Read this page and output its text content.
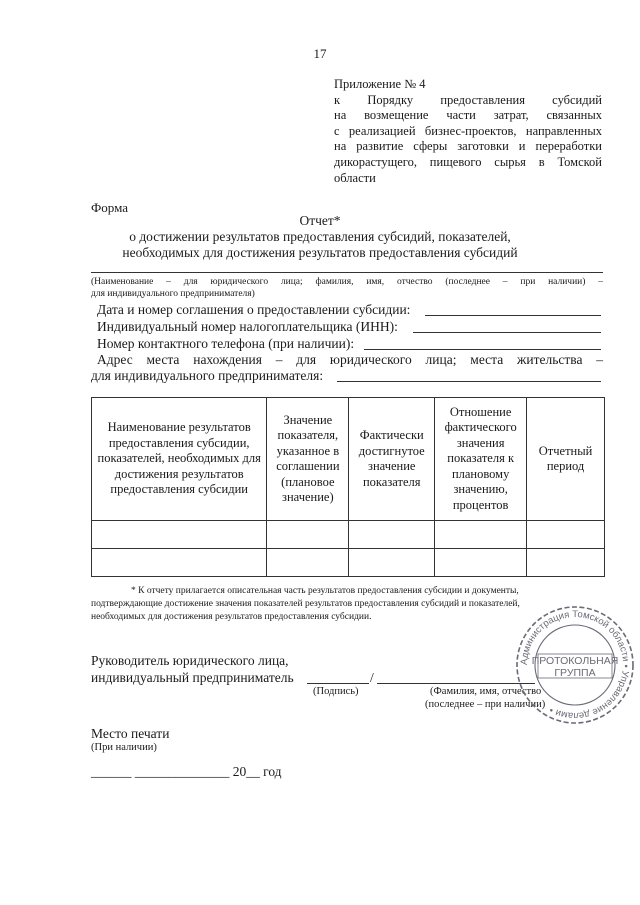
17
Приложение № 4
к Порядку предоставления субсидий
на возмещение части затрат, связанных
с реализацией бизнес-проектов, направленных
на развитие сферы заготовки и переработки
дикорастущего, пищевого сырья в Томской
области
Форма
Отчет*
о достижении результатов предоставления субсидий, показателей,
необходимых для достижения результатов предоставления субсидий
(Наименование – для юридического лица; фамилия, имя, отчество (последнее – при наличии) –
для индивидуального предпринимателя)
Дата и номер соглашения о предоставлении субсидии:
Индивидуальный номер налогоплательщика (ИНН):
Номер контактного телефона (при наличии):
Адрес места нахождения – для юридического лица; места жительства –
для индивидуального предпринимателя:
Наименование результатов предоставления субсидии, показателей, необходимых для достижения результатов предоставления субсидии	Значение показателя, указанное в соглашении (плановое значение)	Фактически достигнутое значение показателя	Отношение фактического значения показателя к плановому значению, процентов	Отчетный период

* К отчету прилагается описательная часть результатов предоставления субсидии и документы,
подтверждающие достижение значения показателей результатов предоставления субсидий и показателей,
необходимых для достижения результатов предоставления субсидии.
Руководитель юридического лица,
индивидуальный предприниматель	/
(Подпись)	(Фамилия, имя, отчество
(последнее – при наличии)
Место печати
(При наличии)
______ ______________ 20__ год
Администрация Томской области • Управление делами •
ПРОТОКОЛЬНАЯ
ГРУППА
